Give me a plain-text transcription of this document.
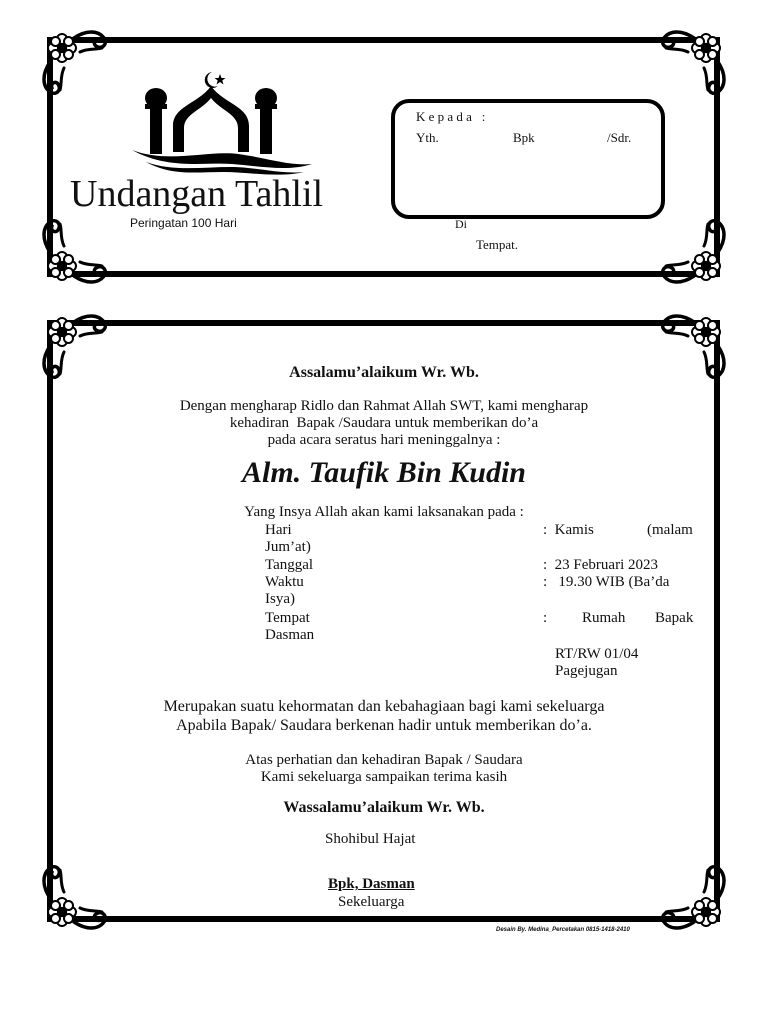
Undangan Tahlil
Peringatan 100 Hari
K e p a d a   :
Yth.	Bpk	/Sdr.
Di
Tempat.
Assalamu’alaikum Wr. Wb.
Dengan mengharap Ridlo dan Rahmat Allah SWT, kami mengharap
kehadiran  Bapak /Saudara untuk memberikan do’a
pada acara seratus hari meninggalnya :
Alm. Taufik Bin Kudin
Yang Insya Allah akan kami laksanakan pada :
Hari	:  Kamis	(malam
Jum’at)
Tanggal	:  23 Februari 2023
Waktu	:   19.30 WIB (Ba’da
Isya)
Tempat	: Rumah Bapak
Dasman
RT/RW 01/04
Pagejugan
Merupakan suatu kehormatan dan kebahagiaan bagi kami sekeluarga
Apabila Bapak/ Saudara berkenan hadir untuk memberikan do’a.
Atas perhatian dan kehadiran Bapak / Saudara
Kami sekeluarga sampaikan terima kasih
Wassalamu’alaikum Wr. Wb.
Shohibul Hajat
Bpk, Dasman
Sekeluarga
Desain By. Medina_Percetakan 0815-1418-2410
